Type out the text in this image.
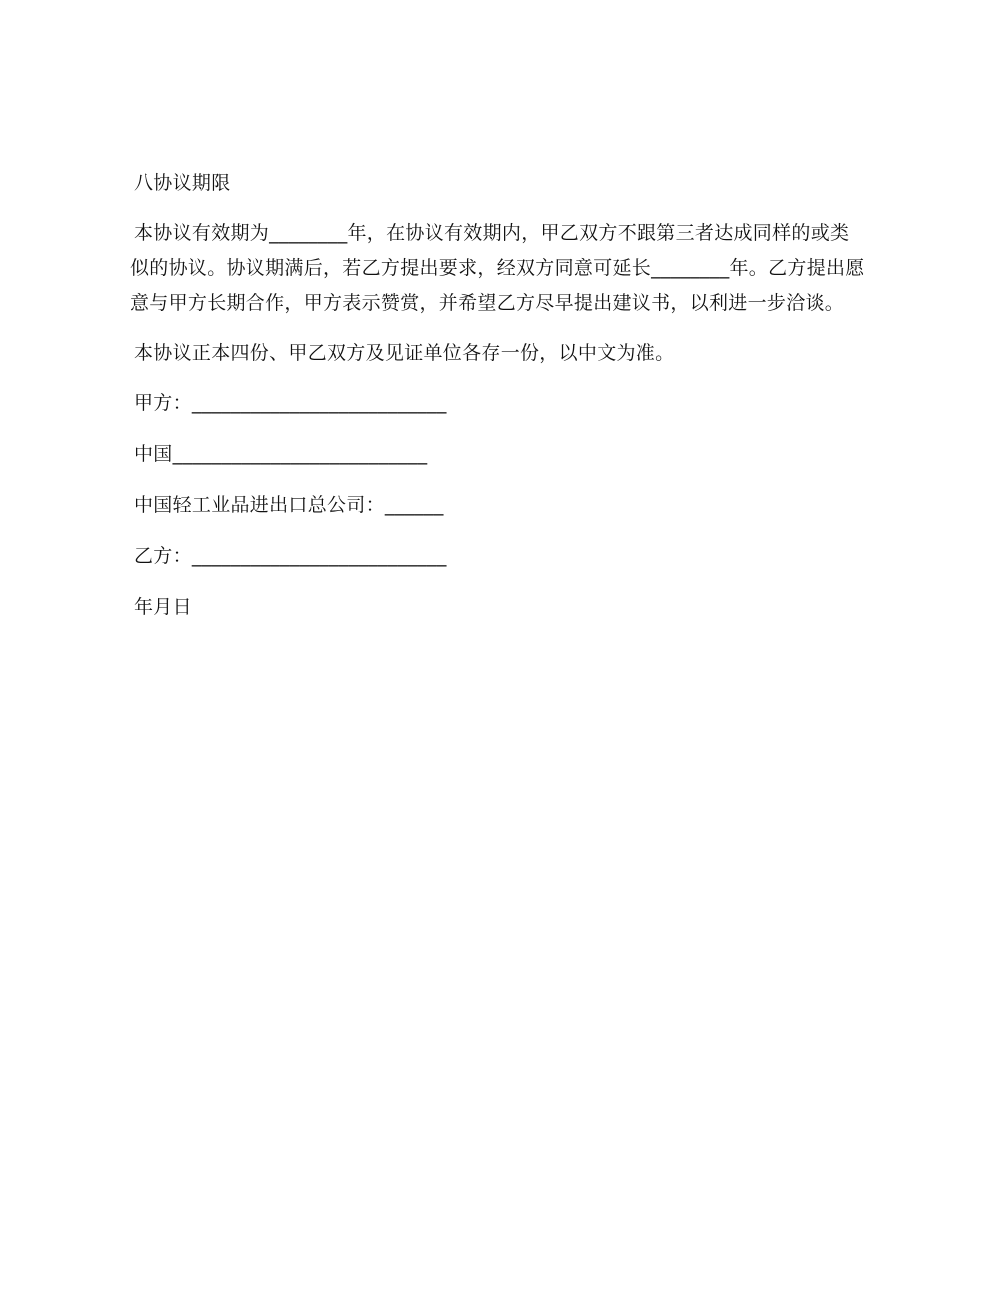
八协议期限
本协议有效期为________年，在协议有效期内，甲乙双方不跟第三者达成同样的或类
似的协议。协议期满后，若乙方提出要求，经双方同意可延长________年。乙方提出愿
意与甲方长期合作，甲方表示赞赏，并希望乙方尽早提出建议书，以利进一步洽谈。
本协议正本四份、甲乙双方及见证单位各存一份，以中文为准。
甲方：__________________________
中国__________________________
中国轻工业品进出口总公司：______
乙方：__________________________
年月日
